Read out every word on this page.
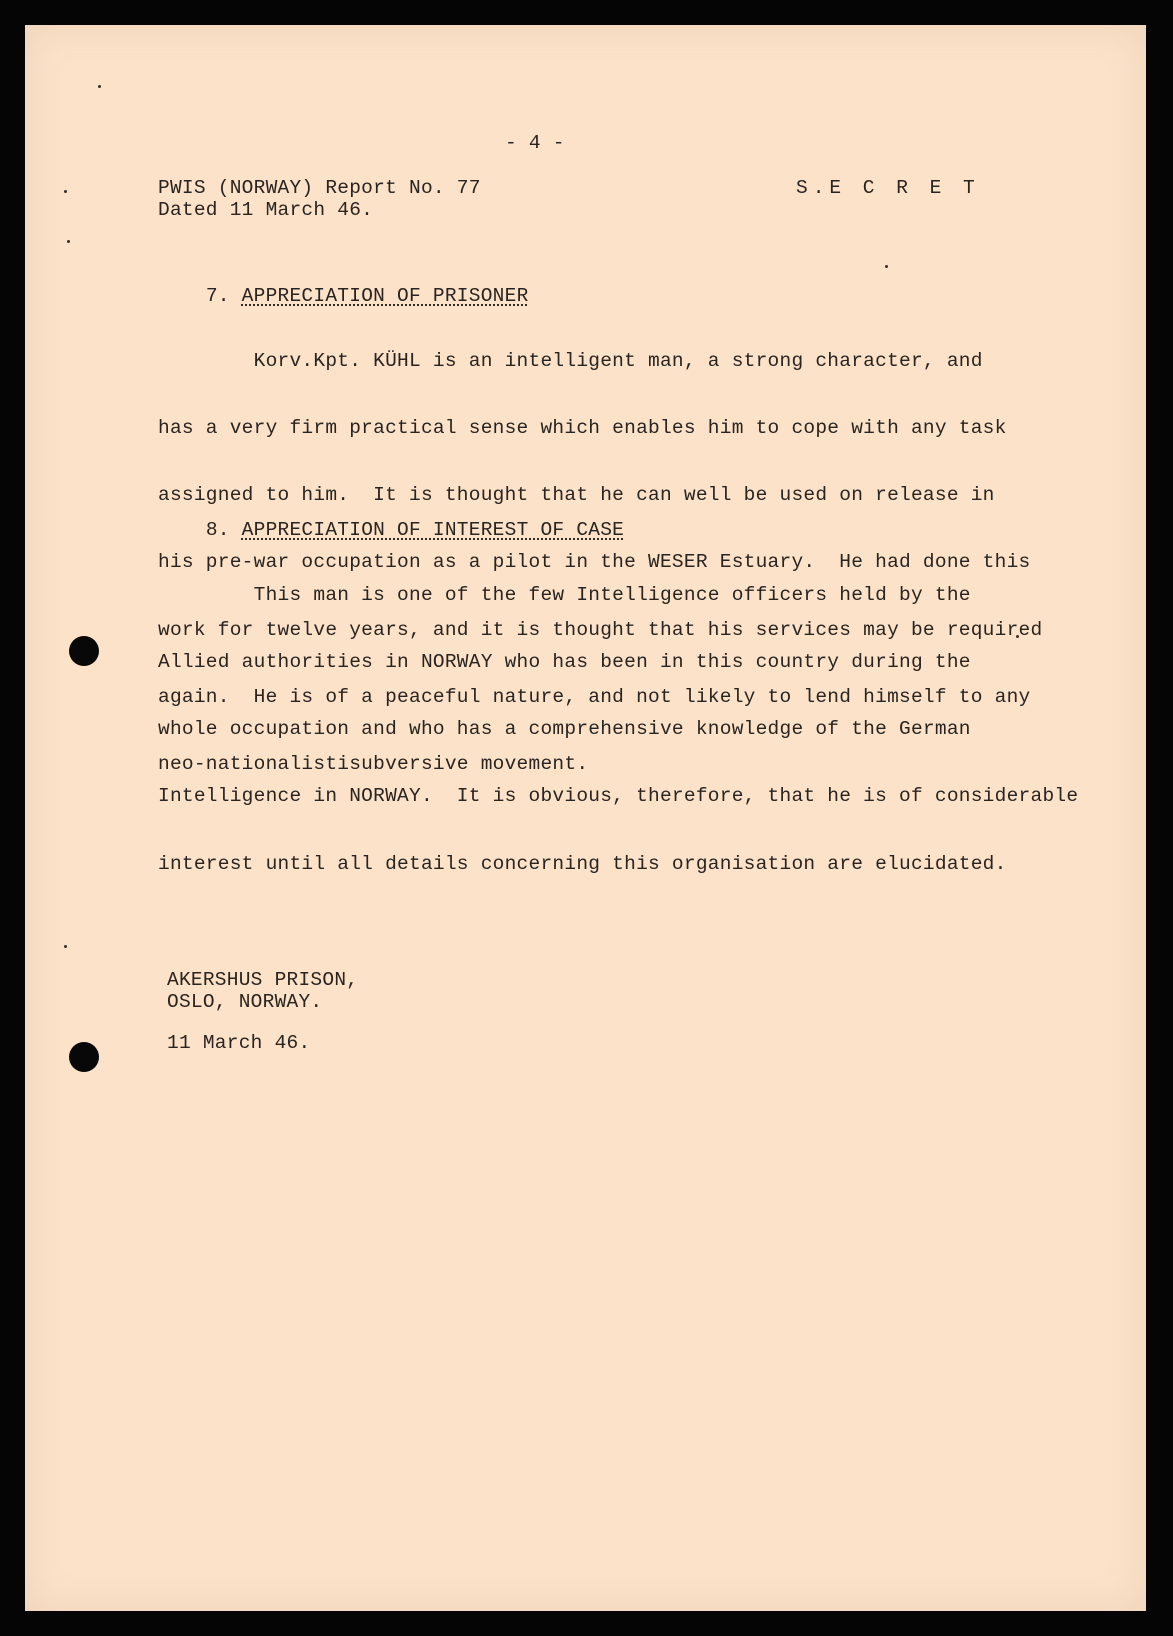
- 4 -
PWIS (NORWAY) Report No. 77
Dated 11 March 46.
S.E C R E T

7. APPRECIATION OF PRISONER

Korv.Kpt. KÜHL is an intelligent man, a strong character, and

has a very firm practical sense which enables him to cope with any task

assigned to him.  It is thought that he can well be used on release in

his pre-war occupation as a pilot in the WESER Estuary.  He had done this

work for twelve years, and it is thought that his services may be required

again.  He is of a peaceful nature, and not likely to lend himself to any

neo-nationalistisubversive movement.

8. APPRECIATION OF INTEREST OF CASE

This man is one of the few Intelligence officers held by the

Allied authorities in NORWAY who has been in this country during the

whole occupation and who has a comprehensive knowledge of the German

Intelligence in NORWAY.  It is obvious, therefore, that he is of considerable

interest until all details concerning this organisation are elucidated.

AKERSHUS PRISON,
OSLO, NORWAY.
11 March 46.
